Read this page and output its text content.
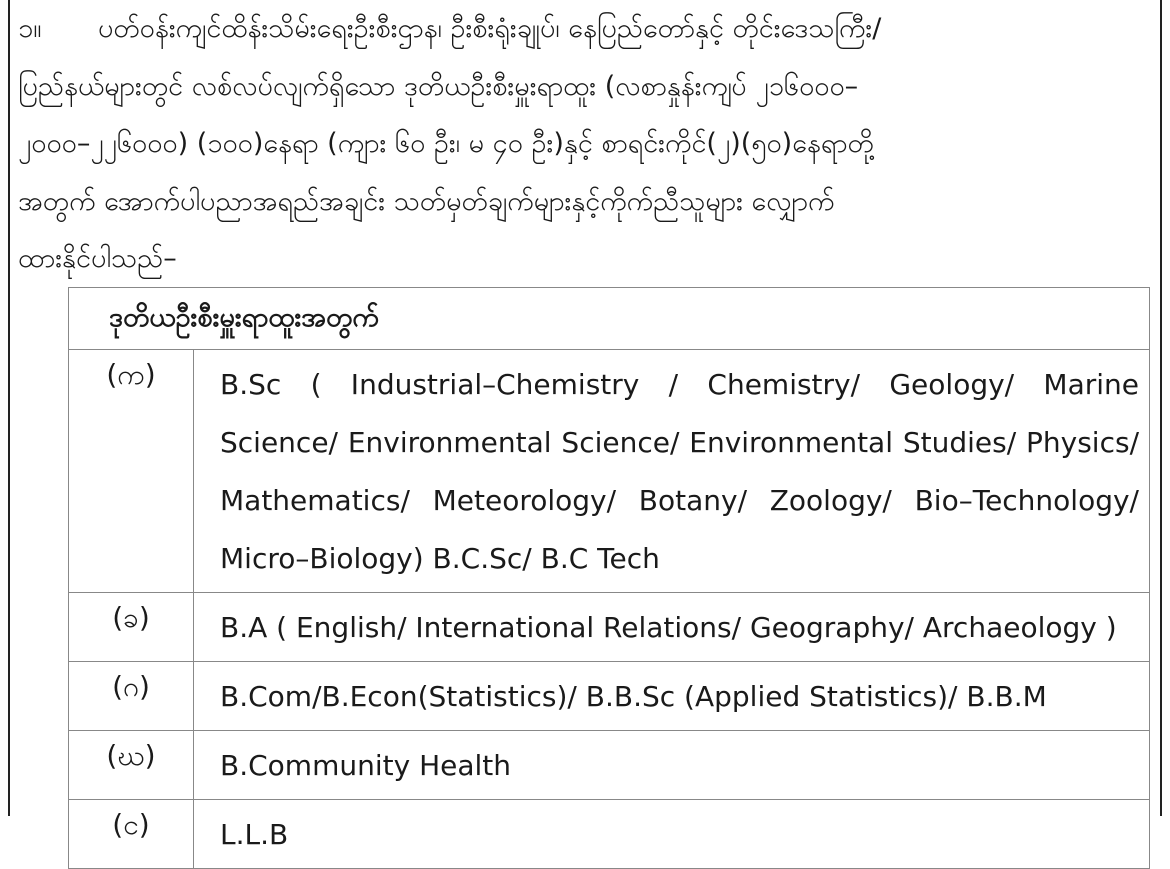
၁။ ပတ်ဝန်းကျင်ထိန်းသိမ်းရေးဦးစီးဌာန၊ ဦးစီးရုံးချုပ်၊ နေပြည်တော်နှင့် တိုင်းဒေသကြီး/
ပြည်နယ်များတွင် လစ်လပ်လျက်ရှိသော ဒုတိယဦးစီးမှူးရာထူး (လစာနှုန်းကျပ် ၂၁၆၀၀၀–
၂၀၀၀–၂၂၆၀၀၀) (၁၀၀)နေရာ (ကျား ၆၀ ဦး၊ မ ၄၀ ဦး)နှင့် စာရင်းကိုင်(၂)(၅၀)နေရာတို့
အတွက် အောက်ပါပညာအရည်အချင်း သတ်မှတ်ချက်များနှင့်ကိုက်ညီသူများ လျှောက်
ထားနိုင်ပါသည်–
ဒုတိယဦးစီးမှူးရာထူးအတွက်	
(က)	B.Sc ( Industrial–Chemistry / Chemistry/ Geology/ Marine Science/ Environmental Science/ Environmental Studies/ Physics/ Mathematics/ Meteorology/ Botany/ Zoology/ Bio–Technology/ Micro–Biology) B.C.Sc/ B.C Tech
(ခ)	B.A ( English/ International Relations/ Geography/ Archaeology )
(ဂ)	B.Com/B.Econ(Statistics)/ B.B.Sc (Applied Statistics)/ B.B.M
(ဃ)	B.Community Health
(င)	L.L.B
